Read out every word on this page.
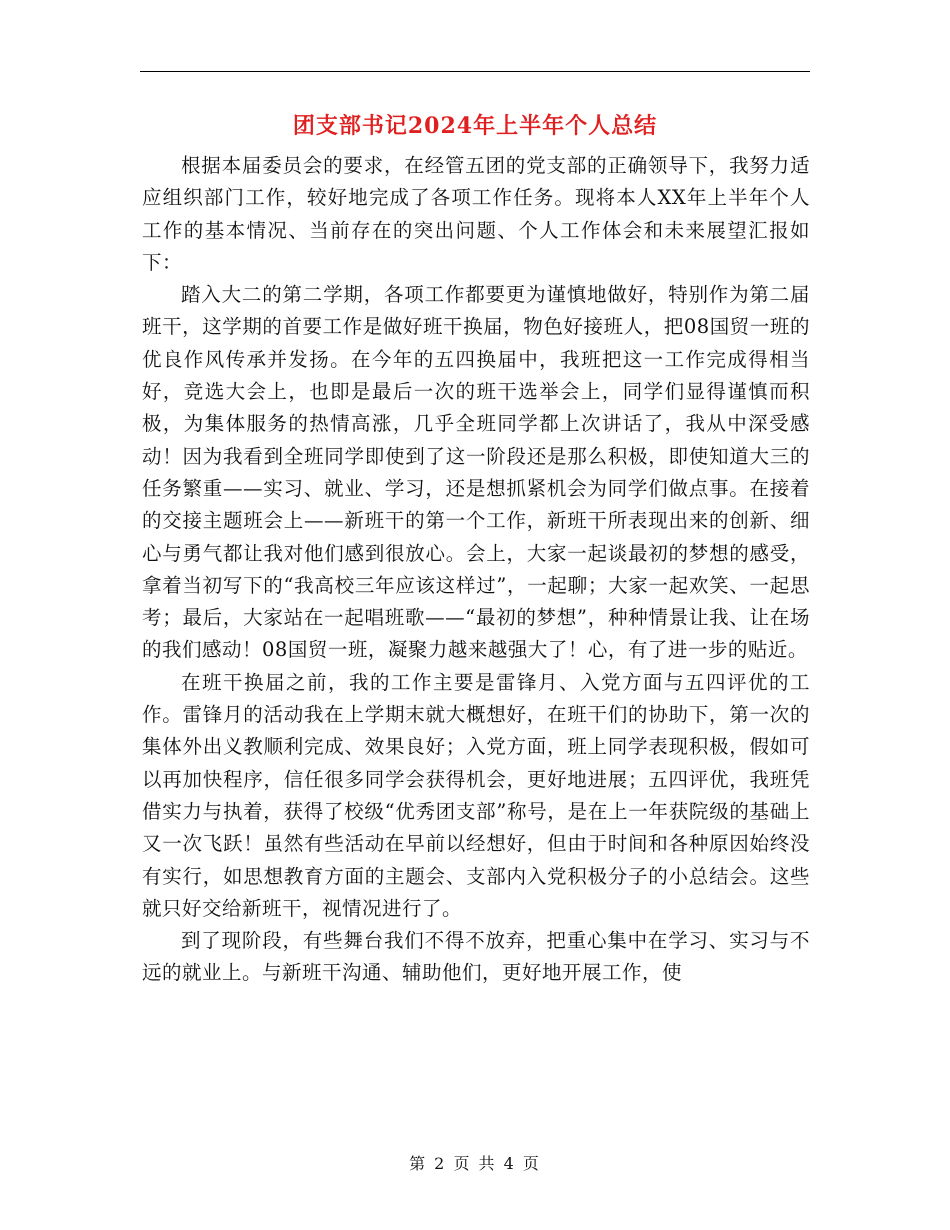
团支部书记2024年上半年个人总结

根据本届委员会的要求，在经管五团的党支部的正确领导下，我努力适应组织部门工作，较好地完成了各项工作任务。现将本人XX年上半年个人工作的基本情况、当前存在的突出问题、个人工作体会和未来展望汇报如下：

踏入大二的第二学期，各项工作都要更为谨慎地做好，特别作为第二届班干，这学期的首要工作是做好班干换届，物色好接班人，把08国贸一班的优良作风传承并发扬。在今年的五四换届中，我班把这一工作完成得相当好，竞选大会上，也即是最后一次的班干选举会上，同学们显得谨慎而积极，为集体服务的热情高涨，几乎全班同学都上次讲话了，我从中深受感动！因为我看到全班同学即使到了这一阶段还是那么积极，即使知道大三的任务繁重——实习、就业、学习，还是想抓紧机会为同学们做点事。在接着的交接主题班会上——新班干的第一个工作，新班干所表现出来的创新、细心与勇气都让我对他们感到很放心。会上，大家一起谈最初的梦想的感受，拿着当初写下的“我高校三年应该这样过”，一起聊；大家一起欢笑、一起思考；最后，大家站在一起唱班歌——“最初的梦想”，种种情景让我、让在场的我们感动！08国贸一班，凝聚力越来越强大了！心，有了进一步的贴近。

在班干换届之前，我的工作主要是雷锋月、入党方面与五四评优的工作。雷锋月的活动我在上学期末就大概想好，在班干们的协助下，第一次的集体外出义教顺利完成、效果良好；入党方面，班上同学表现积极，假如可以再加快程序，信任很多同学会获得机会，更好地进展；五四评优，我班凭借实力与执着，获得了校级“优秀团支部”称号，是在上一年获院级的基础上又一次飞跃！虽然有些活动在早前以经想好，但由于时间和各种原因始终没有实行，如思想教育方面的主题会、支部内入党积极分子的小总结会。这些就只好交给新班干，视情况进行了。

到了现阶段，有些舞台我们不得不放弃，把重心集中在学习、实习与不远的就业上。与新班干沟通、辅助他们，更好地开展工作，使

第 2 页 共 4 页
